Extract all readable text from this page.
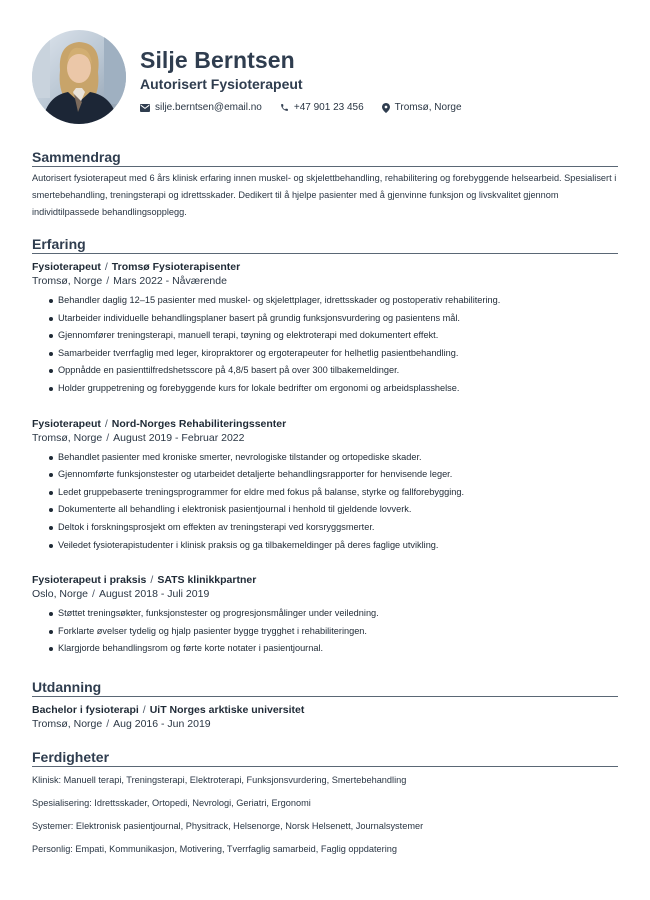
Silje Berntsen
Autorisert Fysioterapeut
silje.berntsen@email.no	+47 901 23 456	Tromsø, Norge
Sammendrag
Autorisert fysioterapeut med 6 års klinisk erfaring innen muskel- og skjelettbehandling, rehabilitering og forebyggende helsearbeid. Spesialisert i smertebehandling, treningsterapi og idrettsskader. Dedikert til å hjelpe pasienter med å gjenvinne funksjon og livskvalitet gjennom individtilpassede behandlingsopplegg.
Erfaring
Fysioterapeut / Tromsø Fysioterapisenter
Tromsø, Norge / Mars 2022 - Nåværende
Behandler daglig 12–15 pasienter med muskel- og skjelettplager, idrettsskader og postoperativ rehabilitering.
Utarbeider individuelle behandlingsplaner basert på grundig funksjonsvurdering og pasientens mål.
Gjennomfører treningsterapi, manuell terapi, tøyning og elektroterapi med dokumentert effekt.
Samarbeider tverrfaglig med leger, kiropraktorer og ergoterapeuter for helhetlig pasientbehandling.
Oppnådde en pasienttilfredshetsscore på 4,8/5 basert på over 300 tilbakemeldinger.
Holder gruppetrening og forebyggende kurs for lokale bedrifter om ergonomi og arbeidsplasshelse.
Fysioterapeut / Nord-Norges Rehabiliteringssenter
Tromsø, Norge / August 2019 - Februar 2022
Behandlet pasienter med kroniske smerter, nevrologiske tilstander og ortopediske skader.
Gjennomførte funksjonstester og utarbeidet detaljerte behandlingsrapporter for henvisende leger.
Ledet gruppebaserte treningsprogrammer for eldre med fokus på balanse, styrke og fallforebygging.
Dokumenterte all behandling i elektronisk pasientjournal i henhold til gjeldende lovverk.
Deltok i forskningsprosjekt om effekten av treningsterapi ved korsryggsmerter.
Veiledet fysioterapistudenter i klinisk praksis og ga tilbakemeldinger på deres faglige utvikling.
Fysioterapeut i praksis / SATS klinikkpartner
Oslo, Norge / August 2018 - Juli 2019
Støttet treningsøkter, funksjonstester og progresjonsmålinger under veiledning.
Forklarte øvelser tydelig og hjalp pasienter bygge trygghet i rehabiliteringen.
Klargjorde behandlingsrom og førte korte notater i pasientjournal.
Utdanning
Bachelor i fysioterapi / UiT Norges arktiske universitet
Tromsø, Norge / Aug 2016 - Jun 2019
Ferdigheter
Klinisk: Manuell terapi, Treningsterapi, Elektroterapi, Funksjonsvurdering, Smertebehandling
Spesialisering: Idrettsskader, Ortopedi, Nevrologi, Geriatri, Ergonomi
Systemer: Elektronisk pasientjournal, Physitrack, Helsenorge, Norsk Helsenett, Journalsystemer
Personlig: Empati, Kommunikasjon, Motivering, Tverrfaglig samarbeid, Faglig oppdatering
